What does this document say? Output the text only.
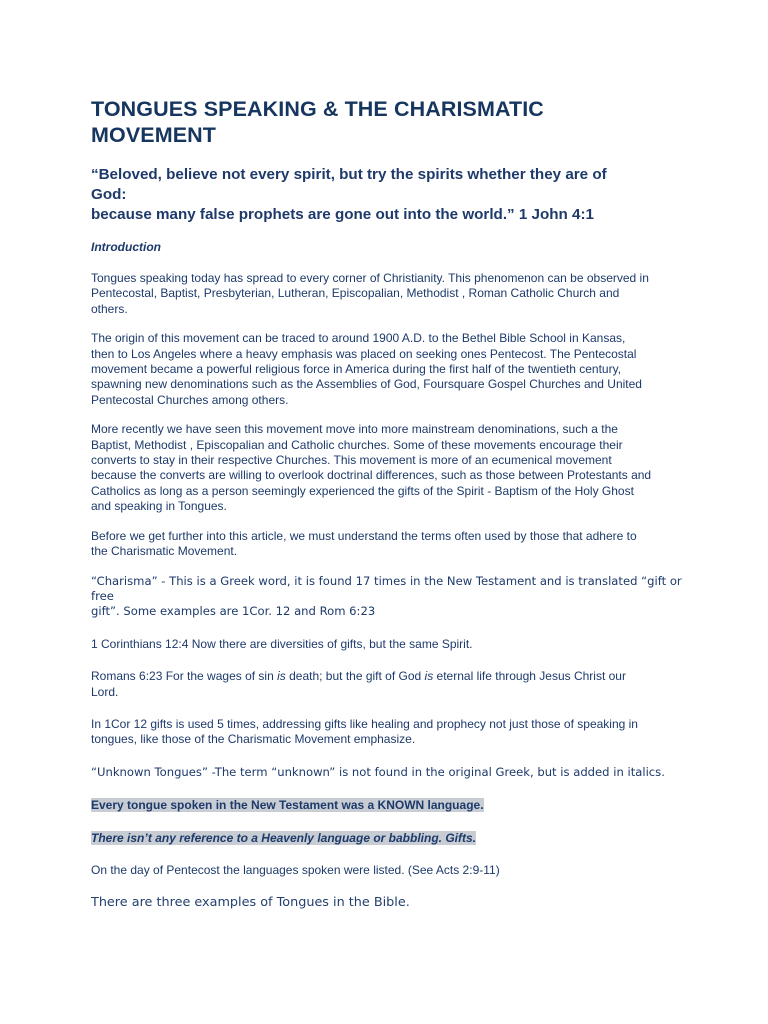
TONGUES SPEAKING & THE CHARISMATIC
MOVEMENT
“Beloved, believe not every spirit, but try the spirits whether they are of
God:
because many false prophets are gone out into the world.” 1 John 4:1
Introduction

Tongues speaking today has spread to every corner of Christianity. This phenomenon can be observed in
Pentecostal, Baptist, Presbyterian, Lutheran, Episcopalian, Methodist , Roman Catholic Church and
others.

The origin of this movement can be traced to around 1900 A.D. to the Bethel Bible School in Kansas,
then to Los Angeles where a heavy emphasis was placed on seeking ones Pentecost. The Pentecostal
movement became a powerful religious force in America during the first half of the twentieth century,
spawning new denominations such as the Assemblies of God, Foursquare Gospel Churches and United
Pentecostal Churches among others.

More recently we have seen this movement move into more mainstream denominations, such a the
Baptist, Methodist , Episcopalian and Catholic churches. Some of these movements encourage their
converts to stay in their respective Churches. This movement is more of an ecumenical movement
because the converts are willing to overlook doctrinal differences, such as those between Protestants and
Catholics as long as a person seemingly experienced the gifts of the Spirit - Baptism of the Holy Ghost
and speaking in Tongues.

Before we get further into this article, we must understand the terms often used by those that adhere to
the Charismatic Movement.

“Charisma” - This is a Greek word, it is found 17 times in the New Testament and is translated “gift or free
gift”. Some examples are 1Cor. 12 and Rom 6:23

1 Corinthians 12:4 Now there are diversities of gifts, but the same Spirit.

Romans 6:23 For the wages of sin is death; but the gift of God is eternal life through Jesus Christ our
Lord.

In 1Cor 12 gifts is used 5 times, addressing gifts like healing and prophecy not just those of speaking in
tongues, like those of the Charismatic Movement emphasize.

“Unknown Tongues” -The term “unknown” is not found in the original Greek, but is added in italics.

Every tongue spoken in the New Testament was a KNOWN language.

There isn’t any reference to a Heavenly language or babbling. Gifts.

On the day of Pentecost the languages spoken were listed. (See Acts 2:9-11)

There are three examples of Tongues in the Bible.
